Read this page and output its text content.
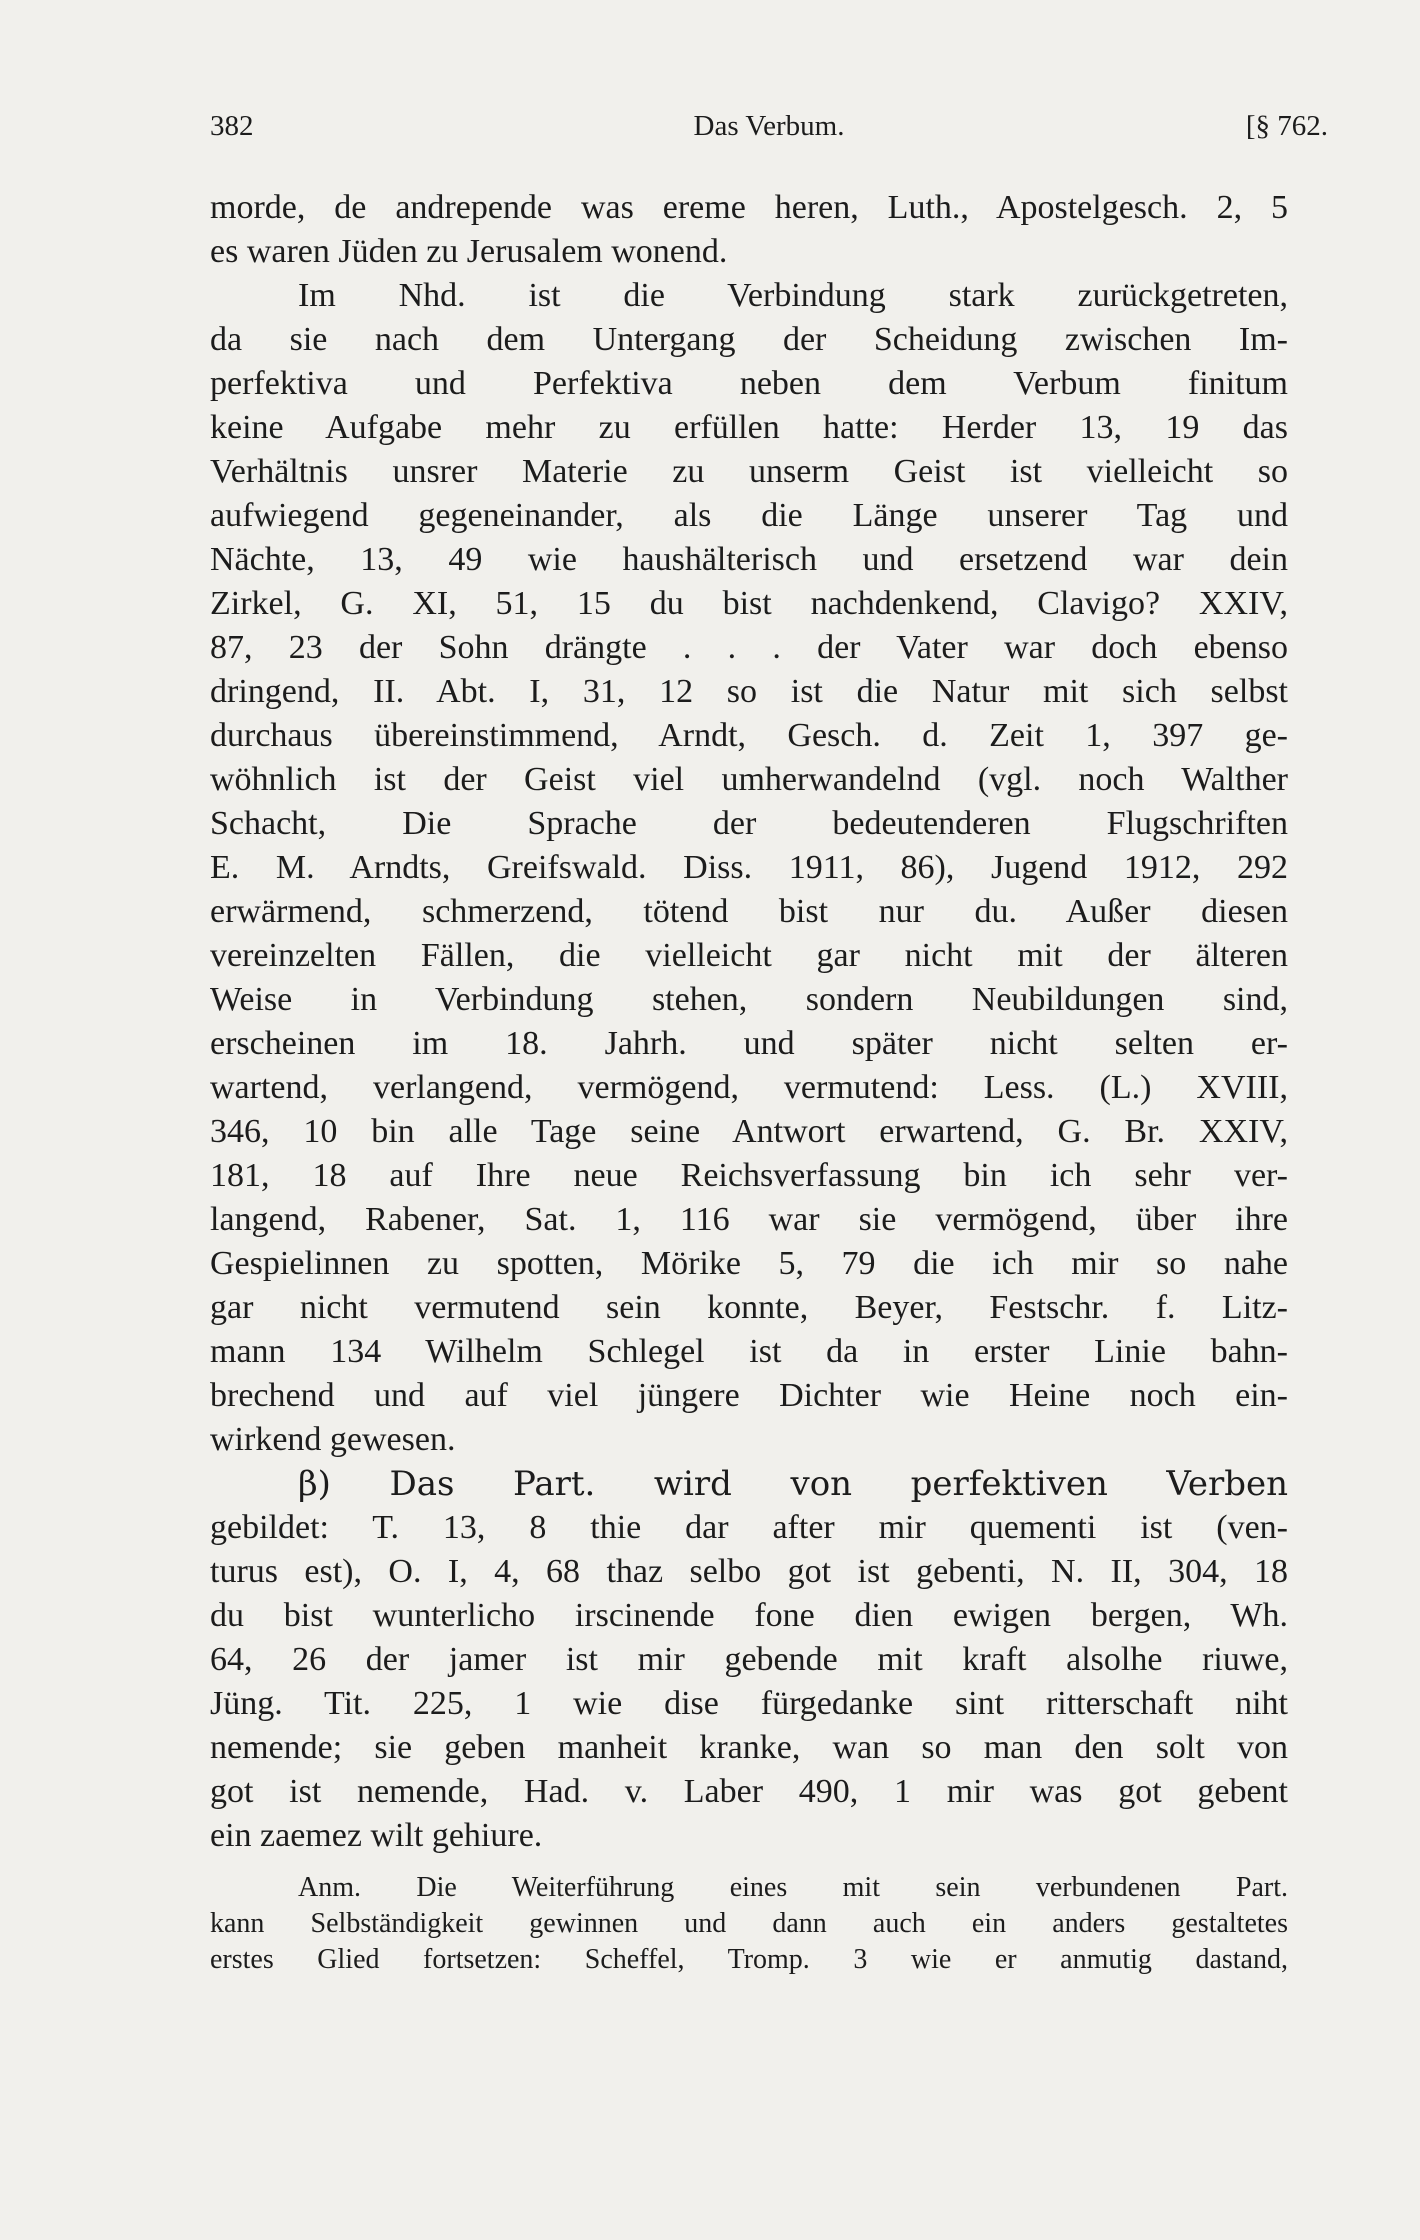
382	Das Verbum.	[§ 762.
morde, de andrepende was ereme heren, Luth., Apostelgesch. 2, 5
es waren Jüden zu Jerusalem wonend.
Im Nhd. ist die Verbindung stark zurückgetreten,
da sie nach dem Untergang der Scheidung zwischen Im-
perfektiva und Perfektiva neben dem Verbum finitum
keine Aufgabe mehr zu erfüllen hatte: Herder 13, 19 das
Verhältnis unsrer Materie zu unserm Geist ist vielleicht so
aufwiegend gegeneinander, als die Länge unserer Tag und
Nächte, 13, 49 wie haushälterisch und ersetzend war dein
Zirkel, G. XI, 51, 15 du bist nachdenkend, Clavigo? XXIV,
87, 23 der Sohn drängte . . . der Vater war doch ebenso
dringend, II. Abt. I, 31, 12 so ist die Natur mit sich selbst
durchaus übereinstimmend, Arndt, Gesch. d. Zeit 1, 397 ge-
wöhnlich ist der Geist viel umherwandelnd (vgl. noch Walther
Schacht, Die Sprache der bedeutenderen Flugschriften
E. M. Arndts, Greifswald. Diss. 1911, 86), Jugend 1912, 292
erwärmend, schmerzend, tötend bist nur du. Außer diesen
vereinzelten Fällen, die vielleicht gar nicht mit der älteren
Weise in Verbindung stehen, sondern Neubildungen sind,
erscheinen im 18. Jahrh. und später nicht selten er-
wartend, verlangend, vermögend, vermutend: Less. (L.) XVIII,
346, 10 bin alle Tage seine Antwort erwartend, G. Br. XXIV,
181, 18 auf Ihre neue Reichsverfassung bin ich sehr ver-
langend, Rabener, Sat. 1, 116 war sie vermögend, über ihre
Gespielinnen zu spotten, Mörike 5, 79 die ich mir so nahe
gar nicht vermutend sein konnte, Beyer, Festschr. f. Litz-
mann 134 Wilhelm Schlegel ist da in erster Linie bahn-
brechend und auf viel jüngere Dichter wie Heine noch ein-
wirkend gewesen.
β) Das Part. wird von perfektiven Verben
gebildet: T. 13, 8 thie dar after mir quementi ist (ven-
turus est), O. I, 4, 68 thaz selbo got ist gebenti, N. II, 304, 18
du bist wunterlicho irscinende fone dien ewigen bergen, Wh.
64, 26 der jamer ist mir gebende mit kraft alsolhe riuwe,
Jüng. Tit. 225, 1 wie dise fürgedanke sint ritterschaft niht
nemende; sie geben manheit kranke, wan so man den solt von
got ist nemende, Had. v. Laber 490, 1 mir was got gebent
ein zaemez wilt gehiure.
Anm. Die Weiterführung eines mit sein verbundenen Part.
kann Selbständigkeit gewinnen und dann auch ein anders gestaltetes
erstes Glied fortsetzen: Scheffel, Tromp. 3 wie er anmutig dastand,
